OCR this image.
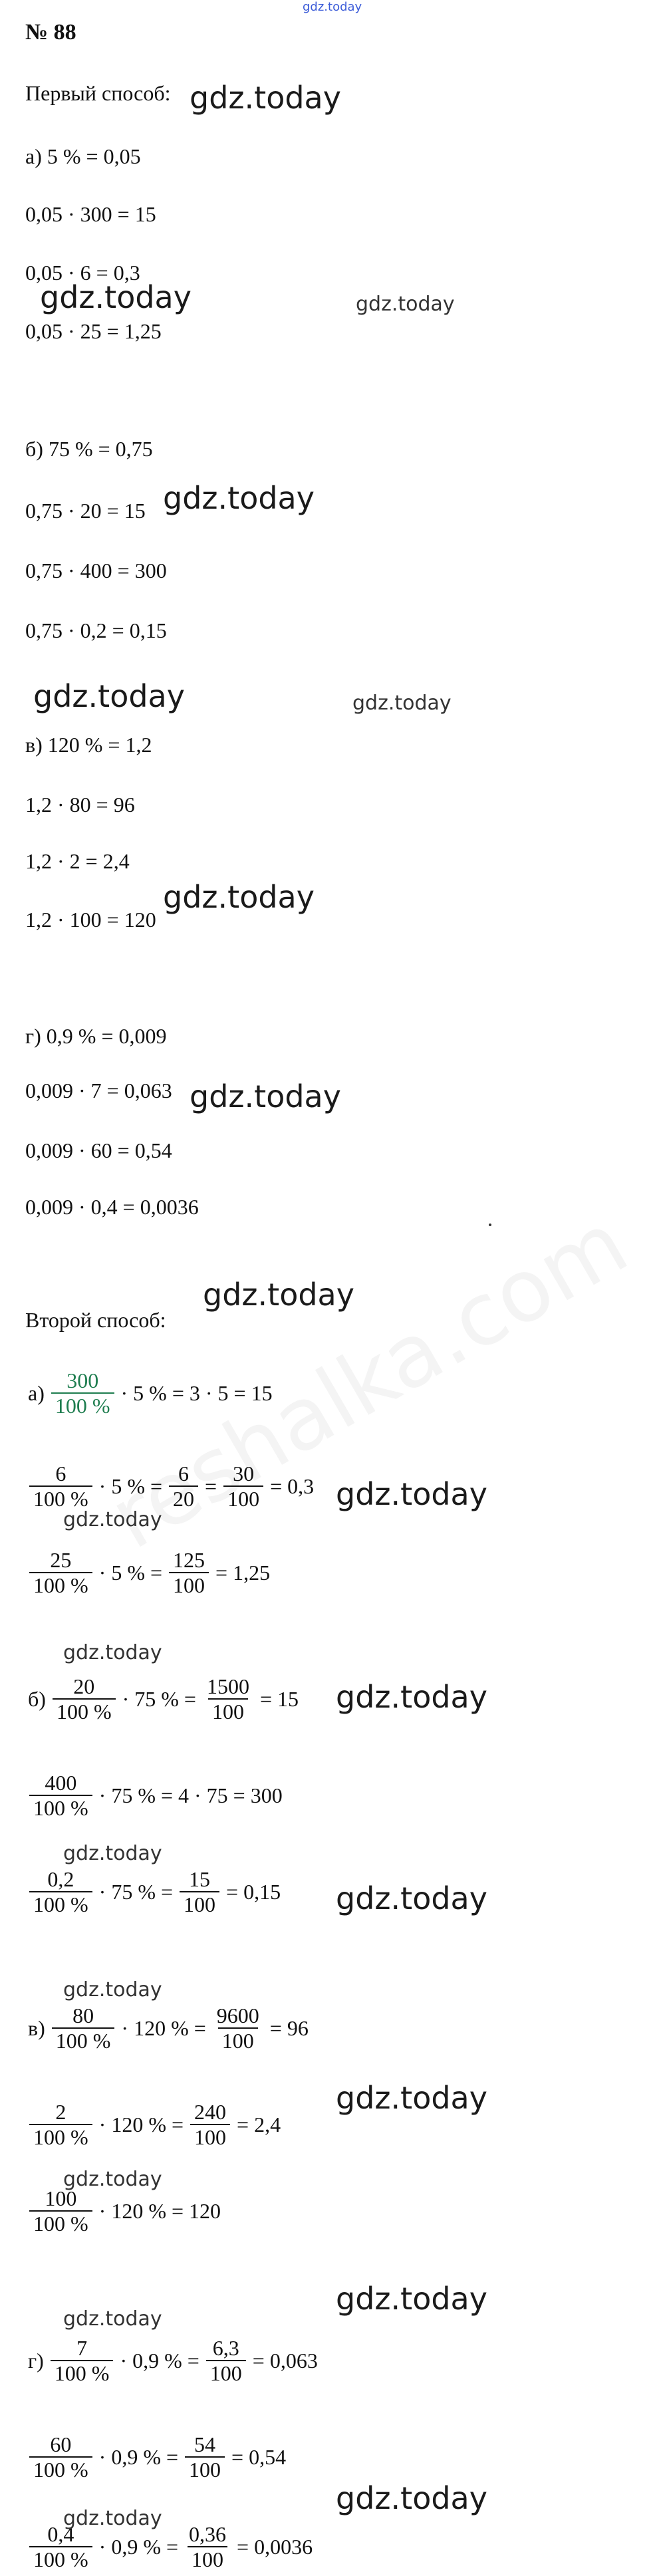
gdz.today
№ 88
Первый способ:
а) 5 % = 0,05
0,05 · 300 = 15
0,05 · 6 = 0,3
0,05 · 25 = 1,25
б) 75 % = 0,75
0,75 · 20 = 15
0,75 · 400 = 300
0,75 · 0,2 = 0,15
в) 120 % = 1,2
1,2 · 80 = 96
1,2 · 2 = 2,4
1,2 · 100 = 120
г) 0,9 % = 0,009
0,009 · 7 = 0,063
0,009 · 60 = 0,54
0,009 · 0,4 = 0,0036
Второй способ:
$а) \frac{300}{100 \%} \cdot 5$ % = 3 · 5 = 15
$\frac{6}{100 \%} \cdot 5$ % = $\frac{6}{20} = \frac{30}{100} = 0,3$
$\frac{25}{100 \%} \cdot 5$ % = $\frac{125}{100} = 1,25$
$б) \frac{20}{100 \%} \cdot 75$ % = $\frac{1500}{100} = 15$
$\frac{400}{100 \%} \cdot 75$ % = 4 · 75 = 300
$\frac{0,2}{100 \%} \cdot 75$ % = $\frac{15}{100} = 0,15$
$в) \frac{80}{100 \%} \cdot 120$ % = $\frac{9600}{100} = 96$
$\frac{2}{100 \%} \cdot 120$ % = $\frac{240}{100} = 2,4$
$\frac{100}{100 \%} \cdot 120$ % = 120
$г) \frac{7}{100 \%} \cdot 0,9$ % = $\frac{6,3}{100} = 0,063$
$\frac{60}{100 \%} \cdot 0,9$ % = $\frac{54}{100} = 0,54$
$\frac{0,4}{100 \%} \cdot 0,9$ % = $\frac{0,36}{100} = 0,0036$
gdz.today
gdz.today	gdz.today
gdz.today
gdz.today	gdz.today
gdz.today
gdz.today
gdz.today
gdz.today
gdz.today
gdz.today
gdz.today
gdz.today
gdz.today
gdz.today
gdz.today
gdz.today
gdz.today
gdz.today
gdz.today
gdz.today
